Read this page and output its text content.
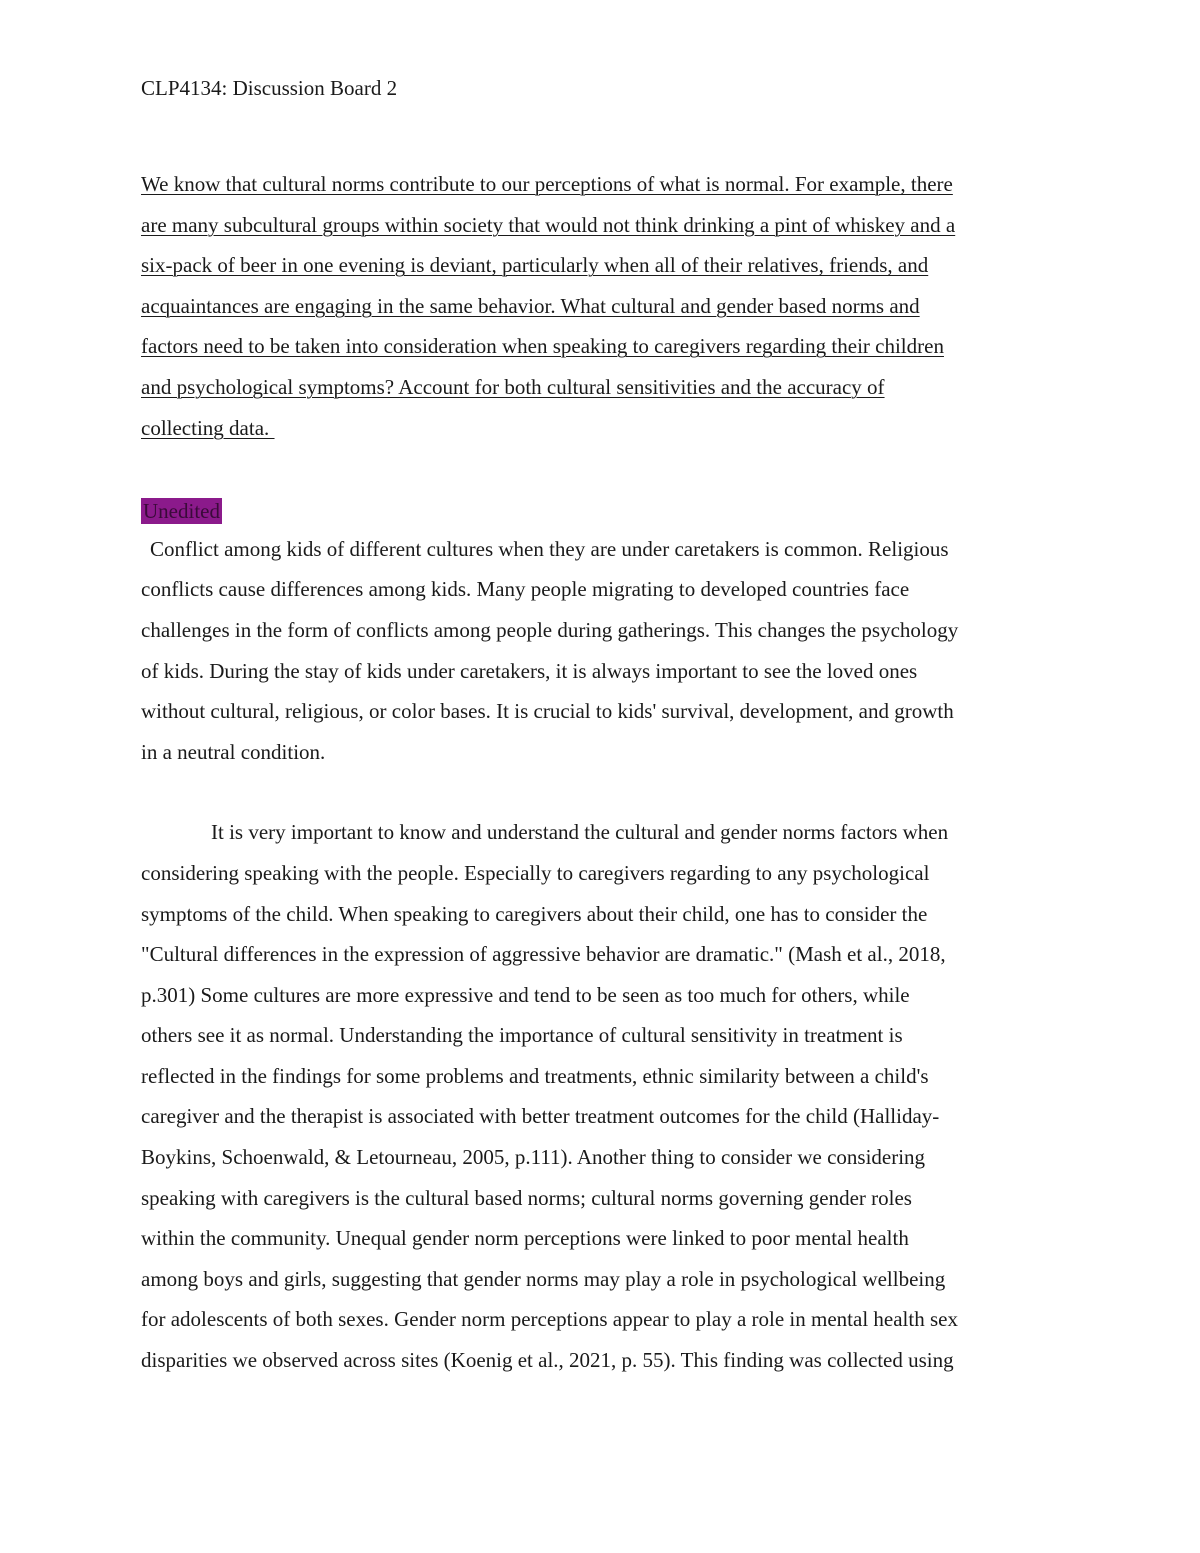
CLP4134: Discussion Board 2
We know that cultural norms contribute to our perceptions of what is normal. For example, there
are many subcultural groups within society that would not think drinking a pint of whiskey and a
six-pack of beer in one evening is deviant, particularly when all of their relatives, friends, and
acquaintances are engaging in the same behavior. What cultural and gender based norms and
factors need to be taken into consideration when speaking to caregivers regarding their children
and psychological symptoms? Account for both cultural sensitivities and the accuracy of
collecting data.
Unedited
Conflict among kids of different cultures when they are under caretakers is common. Religious
conflicts cause differences among kids. Many people migrating to developed countries face
challenges in the form of conflicts among people during gatherings. This changes the psychology
of kids. During the stay of kids under caretakers, it is always important to see the loved ones
without cultural, religious, or color bases. It is crucial to kids' survival, development, and growth
in a neutral condition.
It is very important to know and understand the cultural and gender norms factors when
considering speaking with the people. Especially to caregivers regarding to any psychological
symptoms of the child. When speaking to caregivers about their child, one has to consider the
"Cultural differences in the expression of aggressive behavior are dramatic." (Mash et al., 2018,
p.301) Some cultures are more expressive and tend to be seen as too much for others, while
others see it as normal. Understanding the importance of cultural sensitivity in treatment is
reflected in the findings for some problems and treatments, ethnic similarity between a child's
caregiver and the therapist is associated with better treatment outcomes for the child (Halliday-
Boykins, Schoenwald, & Letourneau, 2005, p.111). Another thing to consider we considering
speaking with caregivers is the cultural based norms; cultural norms governing gender roles
within the community. Unequal gender norm perceptions were linked to poor mental health
among boys and girls, suggesting that gender norms may play a role in psychological wellbeing
for adolescents of both sexes. Gender norm perceptions appear to play a role in mental health sex
disparities we observed across sites (Koenig et al., 2021, p. 55). This finding was collected using
